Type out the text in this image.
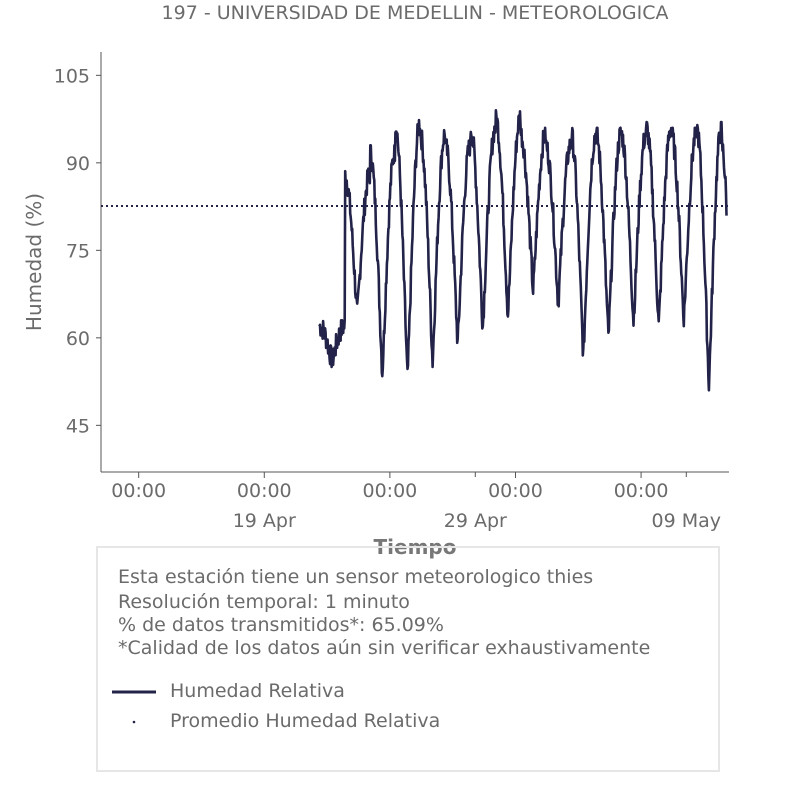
197 - UNIVERSIDAD DE MEDELLIN - METEOROLOGICA
45
60
75
90
105
00:00	00:00
19 Apr
00:00	00:00	00:00
29 Apr	09 May
Tiempo
Humedad (%)
Esta estación tiene un sensor meteorologico thies
Resolución temporal: 1 minuto
% de datos transmitidos*: 65.09%
*Calidad de los datos aún sin verificar exhaustivamente
Humedad Relativa
Promedio Humedad Relativa
